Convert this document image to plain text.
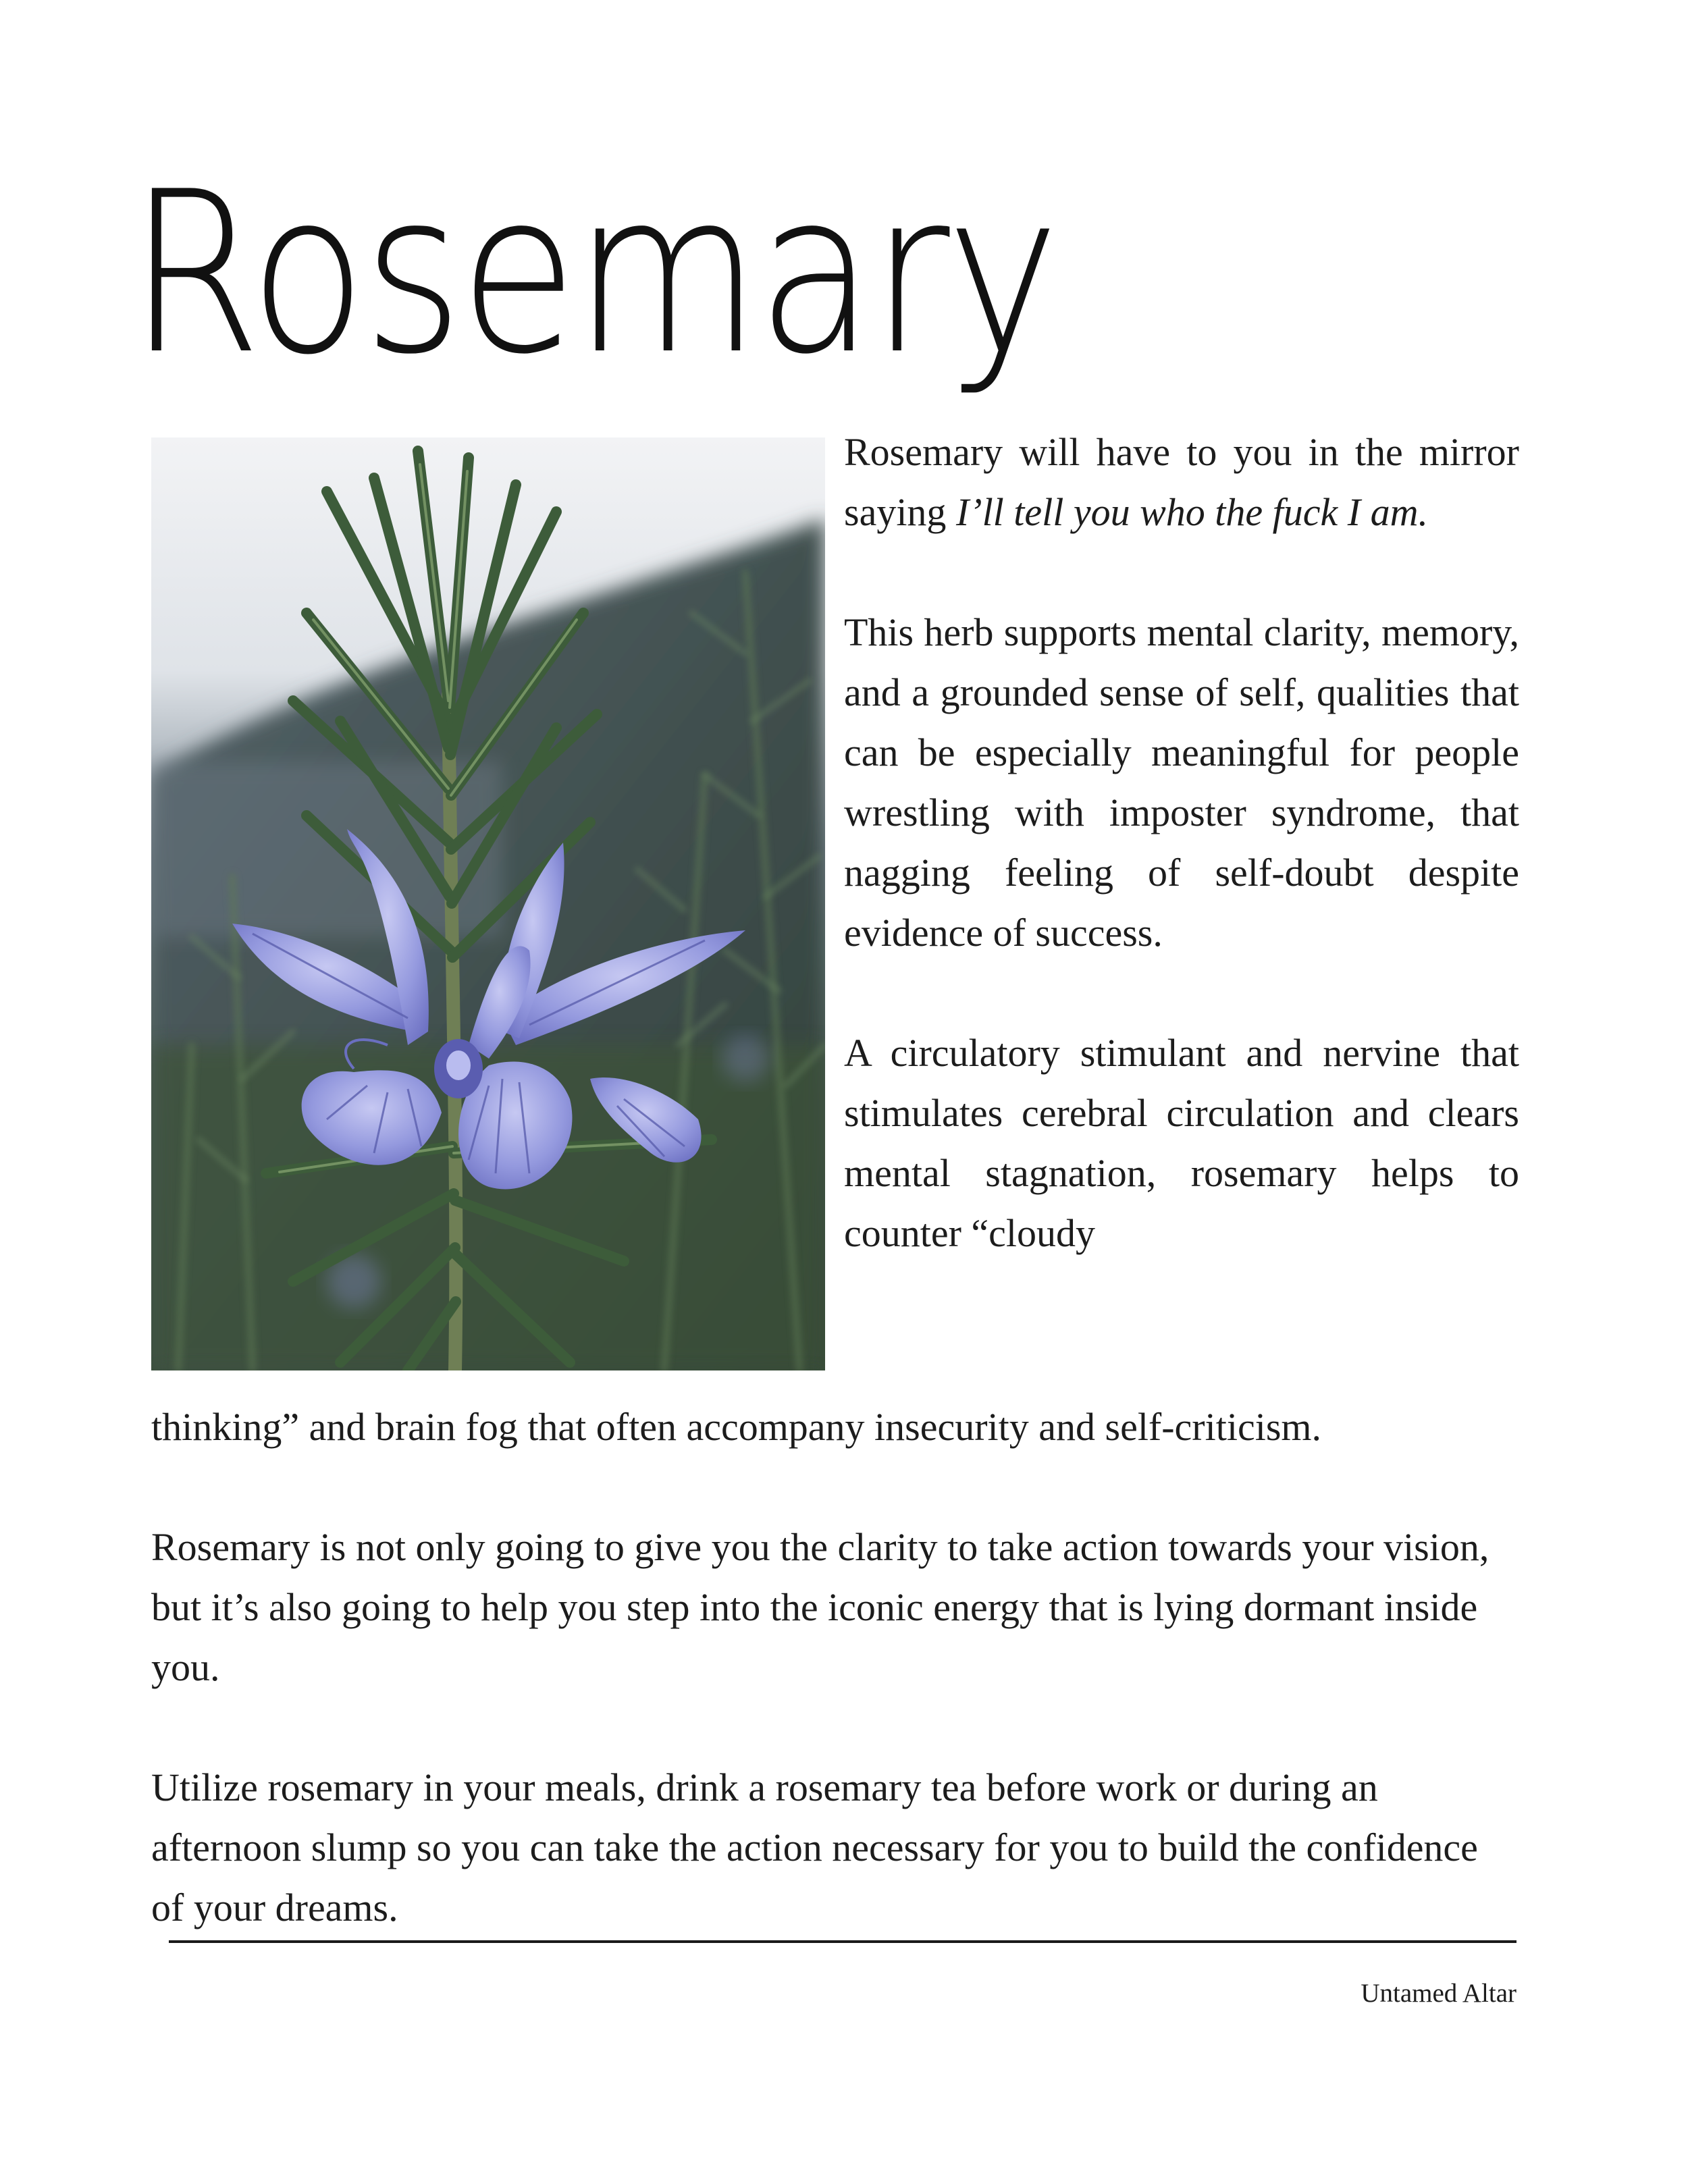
Rosemary

Rosemary will have to you in the mirror saying I’ll tell you who the fuck I am.

This herb supports mental clarity, memory, and a grounded sense of self, qualities that can be especially meaningful for people wrestling with imposter syndrome, that nagging feeling of self-doubt despite evidence of success.

A circulatory stimulant and nervine that stimulates cerebral circulation and clears mental stagnation, rosemary helps to counter “cloudy

thinking” and brain fog that often accompany insecurity and self-criticism.

Rosemary is not only going to give you the clarity to take action towards your vision, but it’s also going to help you step into the iconic energy that is lying dormant inside you.

Utilize rosemary in your meals, drink a rosemary tea before work or during an afternoon slump so you can take the action necessary for you to build the confidence of your dreams.

Untamed Altar
